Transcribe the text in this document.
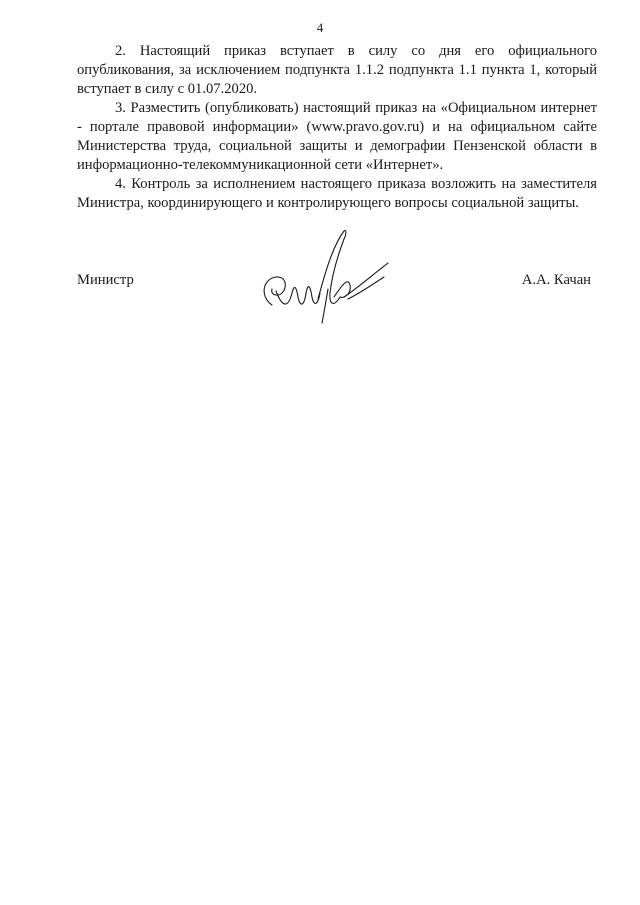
4

2. Настоящий приказ вступает в силу со дня его официального опубликования, за исключением подпункта 1.1.2 подпункта 1.1 пункта 1, который вступает в силу с 01.07.2020.

3. Разместить (опубликовать) настоящий приказ на «Официальном интернет - портале правовой информации» (www.pravo.gov.ru) и на официальном сайте Министерства труда, социальной защиты и демографии Пензенской области в информационно-телекоммуникационной сети «Интернет».

4. Контроль за исполнением настоящего приказа возложить на заместителя Министра, координирующего и контролирующего вопросы социальной защиты.

Министр	А.А. Качан
